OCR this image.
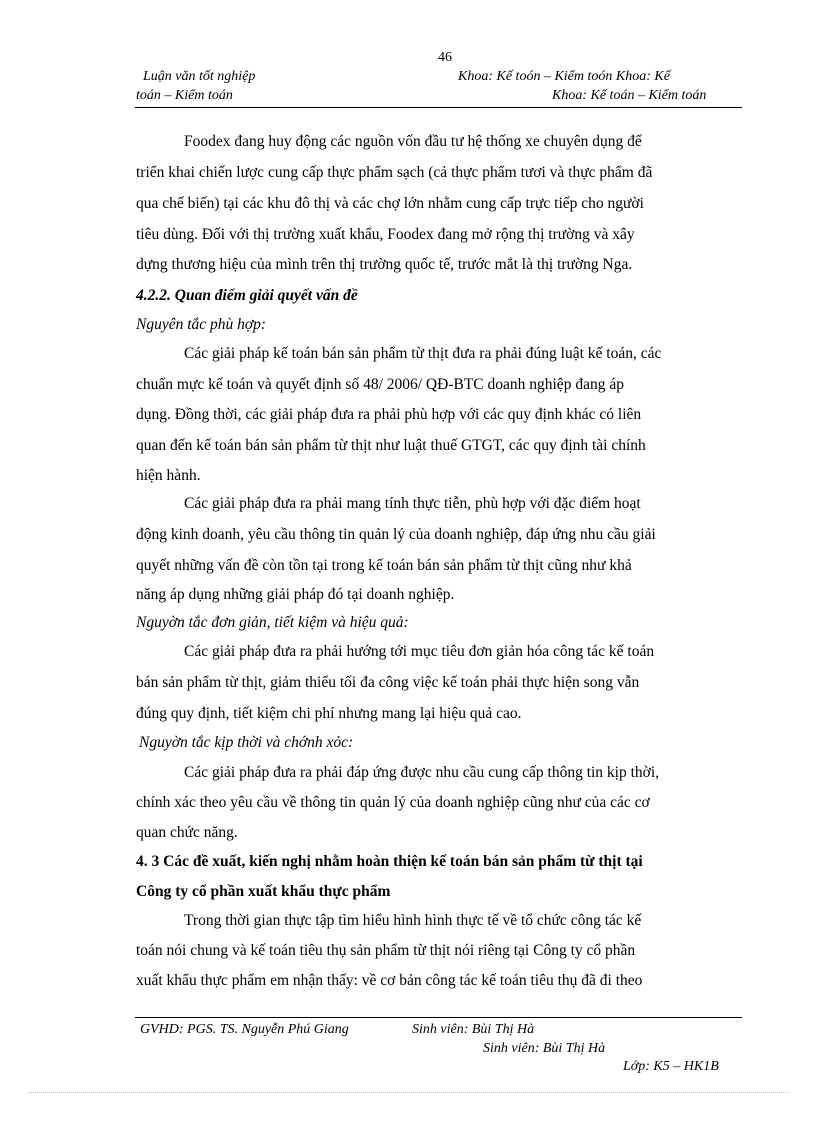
46
Luận văn tốt nghiệp	Khoa: Kế toón – Kiểm toón Khoa: Kế
toán – Kiểm toán	Khoa: Kế toán – Kiểm toán
Foodex đang huy động các nguồn vốn đầu tư hệ thống xe chuyên dụng để
triển khai chiến lược cung cấp thực phẩm sạch (cả thực phẩm tươi và thực phẩm đã
qua chế biến) tại các khu đô thị và các chợ lớn nhằm cung cấp trực tiếp cho người
tiêu dùng. Đối với thị trường xuất khẩu, Foodex đang mở rộng thị trường và xây
dựng thương hiệu của mình trên thị trường quốc tế, trước mắt là thị trường Nga.
4.2.2. Quan điểm giải quyết vấn đề
Nguyên tắc phù hợp:
Các giải pháp kế toán bán sản phẩm từ thịt đưa ra phải đúng luật kế toán, các
chuẩn mực kế toán và quyết định số 48/ 2006/ QĐ-BTC doanh nghiệp đang áp
dụng. Đồng thời, các giải pháp đưa ra phải phù hợp với các quy định khác có liên
quan đến kế toán bán sản phẩm từ thịt như luật thuế GTGT, các quy định tài chính
hiện hành.
Các giải pháp đưa ra phải mang tính thực tiễn, phù hợp với đặc điểm hoạt
động kinh doanh, yêu cầu thông tin quản lý của doanh nghiệp, đáp ứng nhu cầu giải
quyết những vấn đề còn tồn tại trong kế toán bán sản phẩm từ thịt cũng như khả
năng áp dụng những giải pháp đó tại doanh nghiệp.
Nguyờn tắc đơn giản, tiết kiệm và hiệu quả:
Các giải pháp đưa ra phải hướng tới mục tiêu đơn giản hóa công tác kế toán
bán sản phẩm từ thịt, giảm thiểu tối đa công việc kế toán phải thực hiện song vẫn
đúng quy định, tiết kiệm chi phí nhưng mang lại hiệu quả cao.
Nguyờn tắc kịp thời và chớnh xỏc:
Các giải pháp đưa ra phải đáp ứng được nhu cầu cung cấp thông tin kịp thời,
chính xác theo yêu cầu về thông tin quản lý của doanh nghiệp cũng như của các cơ
quan chức năng.
4. 3 Các đề xuất, kiến nghị nhằm hoàn thiện kế toán bán sản phẩm từ thịt tại
Công ty cổ phần xuất khẩu thực phẩm
Trong thời gian thực tập tìm hiểu hình hình thực tế về tổ chức công tác kế
toán nói chung và kế toán tiêu thụ sản phẩm từ thịt nói riêng tại Công ty cổ phần
xuất khẩu thực phẩm em nhận thấy: về cơ bản công tác kế toán tiêu thụ đã đi theo
GVHD: PGS. TS. Nguyễn Phú Giang	Sinh viên: Bùi Thị Hà
Sinh viên: Bùi Thị Hà
Lớp: K5 – HK1B
